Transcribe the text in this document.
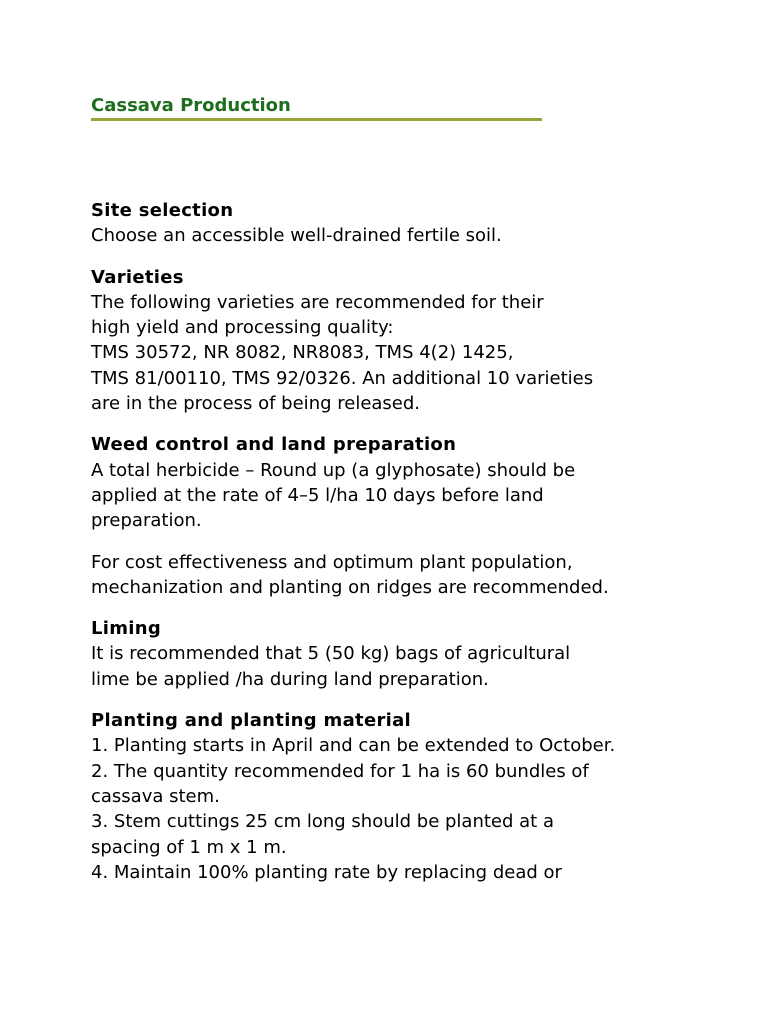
Cassava Production
Site selection
Choose an accessible well-drained fertile soil.
Varieties
The following varieties are recommended for their
high yield and processing quality:
TMS 30572, NR 8082, NR8083, TMS 4(2) 1425,
TMS 81/00110, TMS 92/0326. An additional 10 varieties
are in the process of being released.
Weed control and land preparation
A total herbicide – Round up (a glyphosate) should be
applied at the rate of 4–5 l/ha 10 days before land
preparation.
For cost effectiveness and optimum plant population,
mechanization and planting on ridges are recommended.
Liming
It is recommended that 5 (50 kg) bags of agricultural
lime be applied /ha during land preparation.
Planting and planting material
1. Planting starts in April and can be extended to October.
2. The quantity recommended for 1 ha is 60 bundles of
cassava stem.
3. Stem cuttings 25 cm long should be planted at a
spacing of 1 m x 1 m.
4. Maintain 100% planting rate by replacing dead or
